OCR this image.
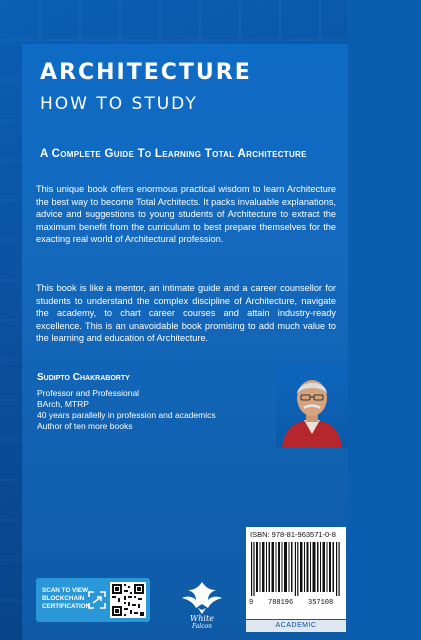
ARCHITECTURE
HOW TO STUDY
A Complete Guide To Learning Total Architecture

This unique book offers enormous practical wisdom to learn Architecture the best way to become Total Architects. It packs invaluable explanations, advice and suggestions to young students of Architecture to extract the maximum benefit from the curriculum to best prepare themselves for the exacting real world of Architectural profession.

This book is like a mentor, an intimate guide and a career counsellor for students to understand the complex discipline of Architecture, navigate the academy, to chart career courses and attain industry-ready excellence. This is an unavoidable book promising to add much value to the learning and education of Architecture.

Sudipto Chakraborty
Professor and Professional
BArch, MTRP
40 years parallelly in profession and academics
Author of ten more books
SCAN TO VIEW
BLOCKCHAIN
CERTIFICATION
White
Falcon
ISBN: 978-81-963571-0-8
9 788196 357108
ACADEMIC
